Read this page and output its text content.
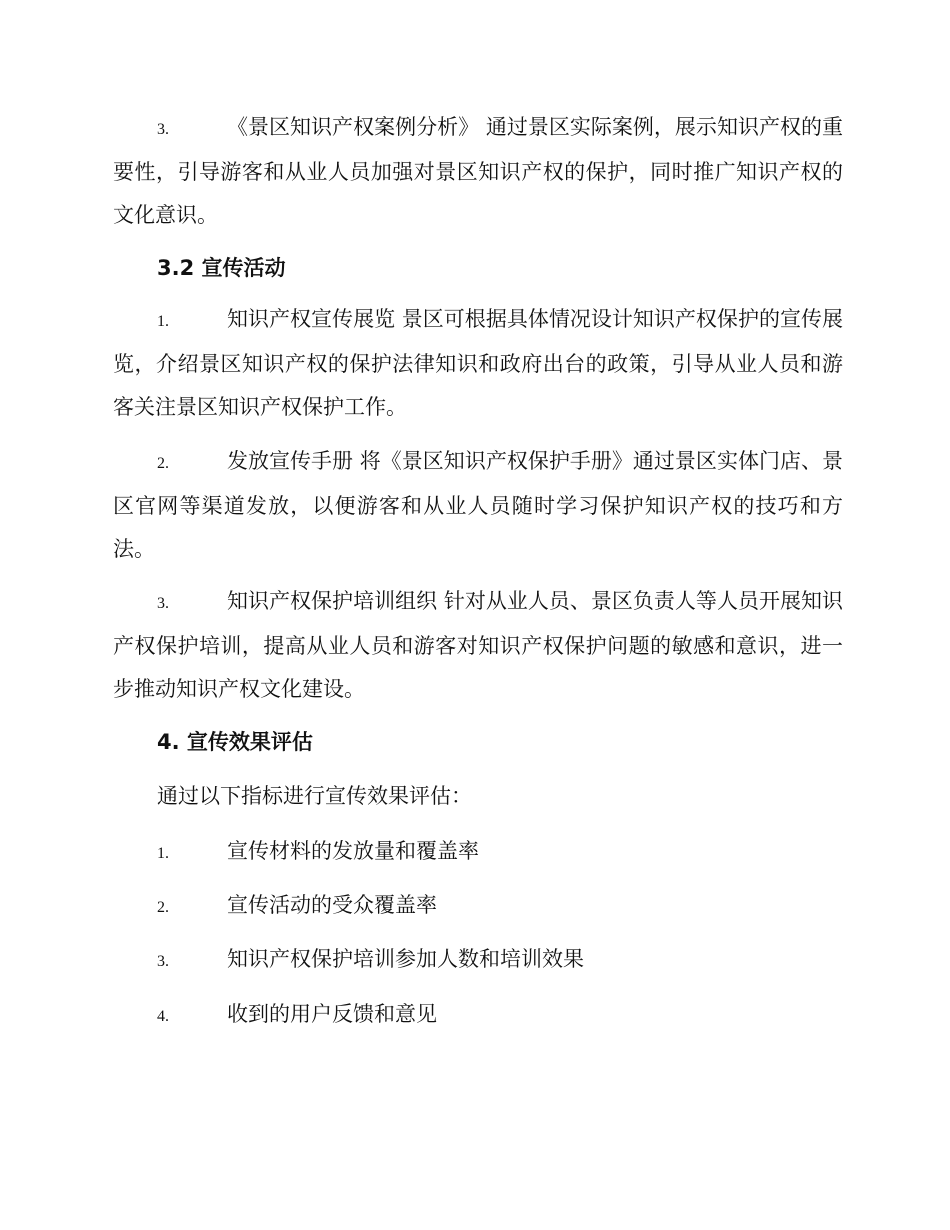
3.	《景区知识产权案例分析》 通过景区实际案例，展示知识产权的重要性，引导游客和从业人员加强对景区知识产权的保护，同时推广知识产权的文化意识。

3.2 宣传活动

1.	知识产权宣传展览 景区可根据具体情况设计知识产权保护的宣传展览，介绍景区知识产权的保护法律知识和政府出台的政策，引导从业人员和游客关注景区知识产权保护工作。

2.	发放宣传手册 将《景区知识产权保护手册》通过景区实体门店、景区官网等渠道发放，以便游客和从业人员随时学习保护知识产权的技巧和方法。

3.	知识产权保护培训组织 针对从业人员、景区负责人等人员开展知识产权保护培训，提高从业人员和游客对知识产权保护问题的敏感和意识，进一步推动知识产权文化建设。

4. 宣传效果评估

通过以下指标进行宣传效果评估：

1.	宣传材料的发放量和覆盖率

2.	宣传活动的受众覆盖率

3.	知识产权保护培训参加人数和培训效果

4.	收到的用户反馈和意见
